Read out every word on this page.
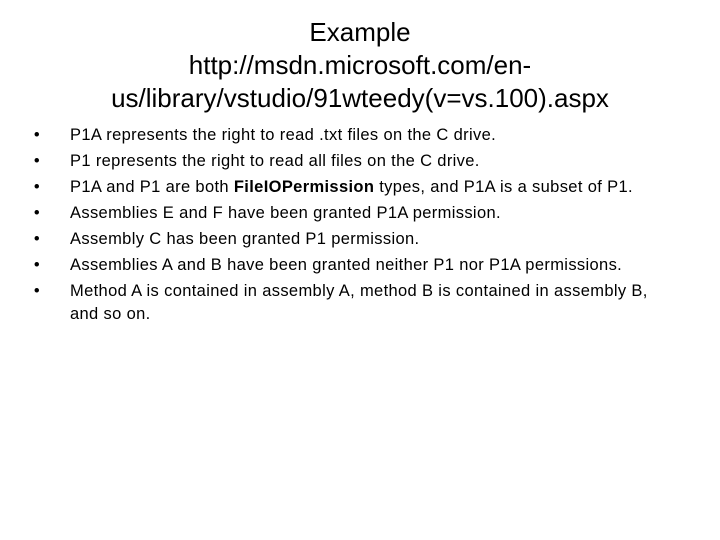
Example
http://msdn.microsoft.com/en-
us/library/vstudio/91wteedy(v=vs.100).aspx
• P1A represents the right to read .txt files on the C drive.
• P1 represents the right to read all files on the C drive.
• P1A and P1 are both FileIOPermission types, and P1A is a subset of P1.
• Assemblies E and F have been granted P1A permission.
• Assembly C has been granted P1 permission.
• Assemblies A and B have been granted neither P1 nor P1A permissions.
• Method A is contained in assembly A, method B is contained in assembly B, and so on.
